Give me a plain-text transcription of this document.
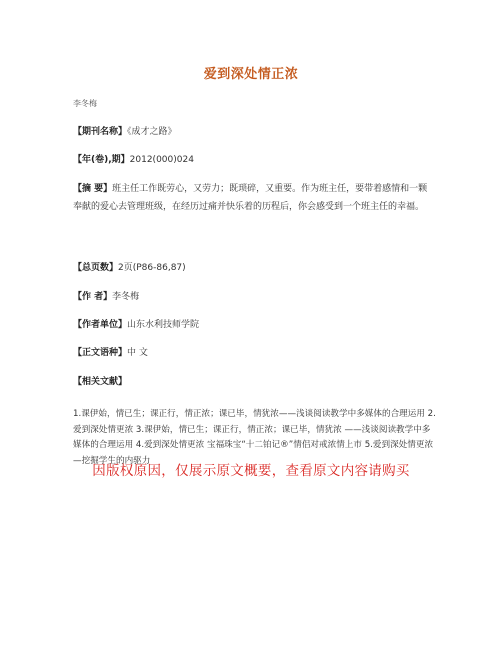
爱到深处情正浓
李冬梅
【期刊名称】《成才之路》
【年(卷),期】2012(000)024
【摘 要】班主任工作既劳心，又劳力；既琐碎，又重要。作为班主任，要带着感情和一颗奉献的爱心去管理班级，在经历过痛并快乐着的历程后，你会感受到一个班主任的幸福。
【总页数】2页(P86-86,87)
【作 者】李冬梅
【作者单位】山东水利技师学院
【正文语种】中 文
【相关文献】
1.课伊始，情已生；课正行，情正浓；课已毕，情犹浓——浅谈阅读教学中多媒体的合理运用 2.爱到深处情更浓 3.课伊始，情已生；课正行，情正浓；课已毕，情犹浓 ——浅谈阅读教学中多媒体的合理运用 4.爱到深处情更浓 宝福珠宝“十二铂记®”情侣对戒浓情上市 5.爱到深处情更浓—挖掘学生的内驱力
因版权原因，仅展示原文概要，查看原文内容请购买
